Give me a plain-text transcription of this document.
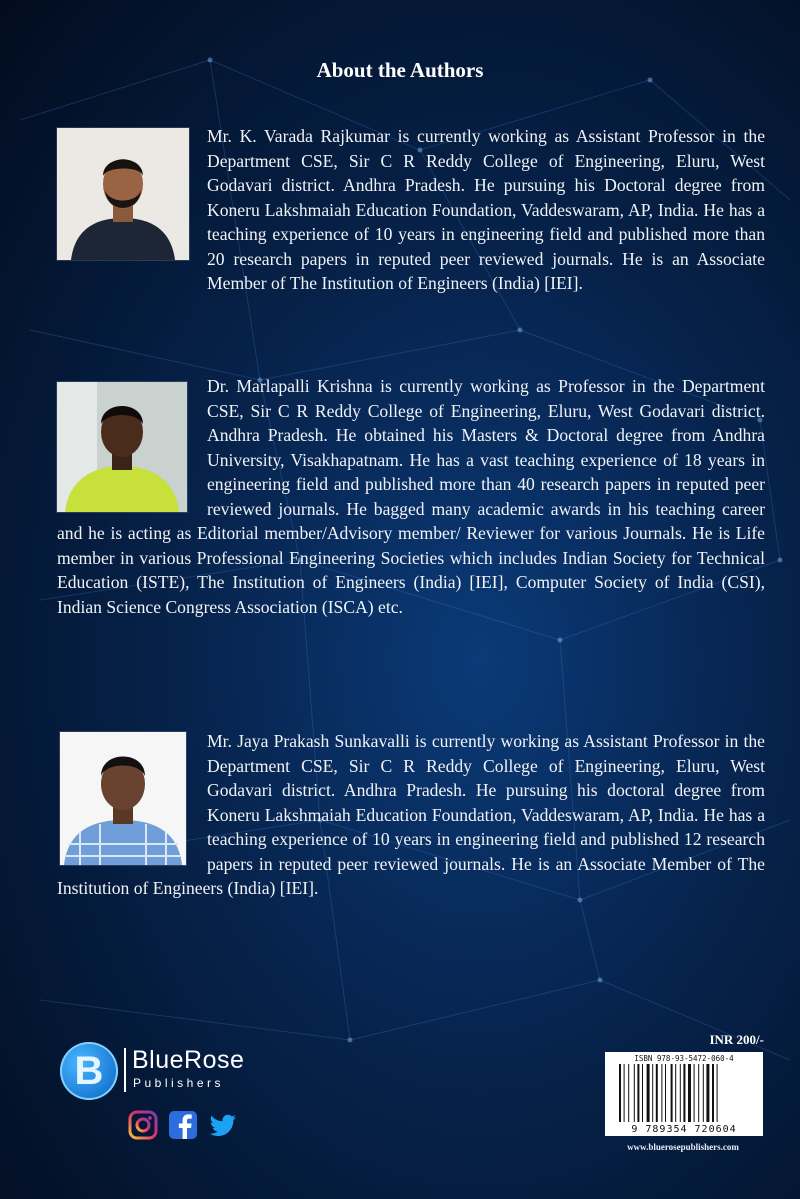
About the Authors
Mr. K. Varada Rajkumar is currently working as Assistant Professor in the Department CSE, Sir C R Reddy College of Engineering, Eluru, West Godavari district. Andhra Pradesh. He pursuing his Doctoral degree from Koneru Lakshmaiah Education Foundation, Vaddeswaram, AP, India. He has a teaching experience of 10 years in engineering field and published more than 20 research papers in reputed peer reviewed journals. He is an Associate Member of The Institution of Engineers (India) [IEI].
Dr. Marlapalli Krishna is currently working as Professor in the Department CSE, Sir C R Reddy College of Engineering, Eluru, West Godavari district. Andhra Pradesh. He obtained his Masters & Doctoral degree from Andhra University, Visakhapatnam. He has a vast teaching experience of 18 years in engineering field and published more than 40 research papers in reputed peer reviewed journals. He bagged many academic awards in his teaching career and he is acting as Editorial member/Advisory member/ Reviewer for various Journals. He is Life member in various Professional Engineering Societies which includes Indian Society for Technical Education (ISTE), The Institution of Engineers (India) [IEI], Computer Society of India (CSI), Indian Science Congress Association (ISCA) etc.
Mr. Jaya Prakash Sunkavalli is currently working as Assistant Professor in the Department CSE, Sir C R Reddy College of Engineering, Eluru, West Godavari district. Andhra Pradesh. He pursuing his doctoral degree from Koneru Lakshmaiah Education Foundation, Vaddeswaram, AP, India. He has a teaching experience of 10 years in engineering field and published 12 research papers in reputed peer reviewed journals. He is an Associate Member of The Institution of Engineers (India) [IEI].
INR 200/-
ISBN 978-93-5472-060-4
9 789354 720604
www.bluerosepublishers.com
B	BlueRose
Publishers
